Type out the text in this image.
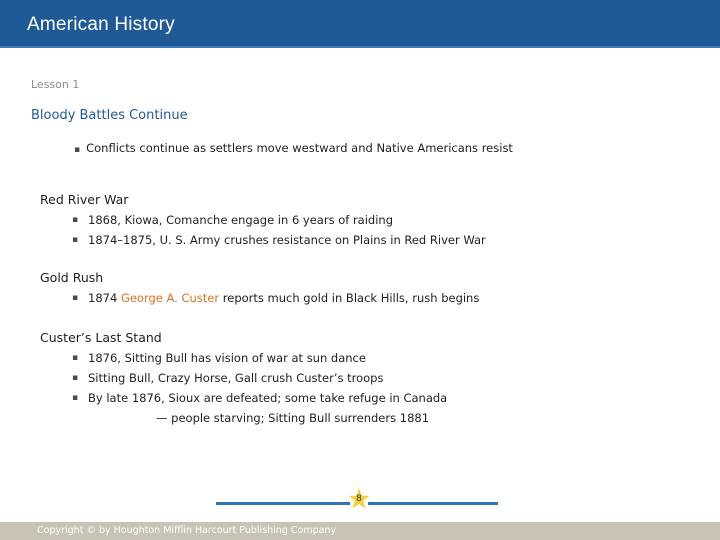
American History
Lesson 1
Bloody Battles Continue
▪ Conflicts continue as settlers move westward and Native Americans resist
Red River War
▪ 1868, Kiowa, Comanche engage in 6 years of raiding
▪ 1874–1875, U. S. Army crushes resistance on Plains in Red River War
Gold Rush
▪ 1874 George A. Custer reports much gold in Black Hills, rush begins
Custer’s Last Stand
▪ 1876, Sitting Bull has vision of war at sun dance
▪ Sitting Bull, Crazy Horse, Gall crush Custer’s troops
▪ By late 1876, Sioux are defeated; some take refuge in Canada
— people starving; Sitting Bull surrenders 1881
8
Copyright © by Houghton Mifflin Harcourt Publishing Company
